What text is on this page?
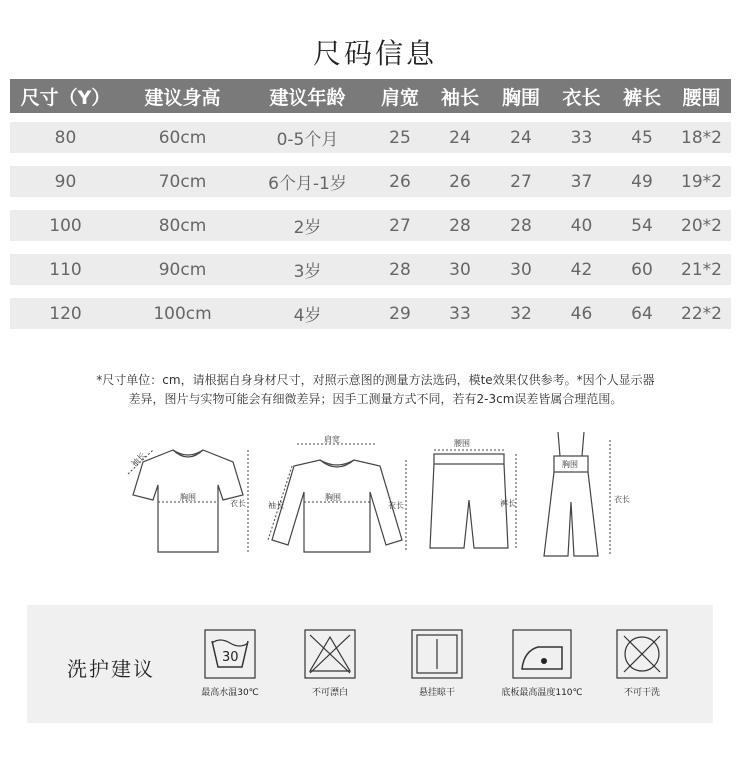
尺码信息
尺寸（Y）	建议身高	建议年龄	肩宽	袖长	胸围	衣长	裤长	腰围
80	60cm	0-5个月	25	24	24	33	45	18*2
90	70cm	6个月-1岁	26	26	27	37	49	19*2
100	80cm	2岁	27	28	28	40	54	20*2
110	90cm	3岁	28	30	30	42	60	21*2
120	100cm	4岁	29	33	32	46	64	22*2
*尺寸单位：cm，请根据自身身材尺寸，对照示意图的测量方法选码，模te效果仅供参考。*因个人显示器
差异，图片与实物可能会有细微差异；因手工测量方式不同，若有2-3cm误差皆属合理范围。
袖长
胸围
衣长
肩宽
袖长
胸围
衣长
腰围
裤长
胸围
衣长
洗护建议	30
最高水温30℃	不可漂白	悬挂晾干	底板最高温度110℃	不可干洗
